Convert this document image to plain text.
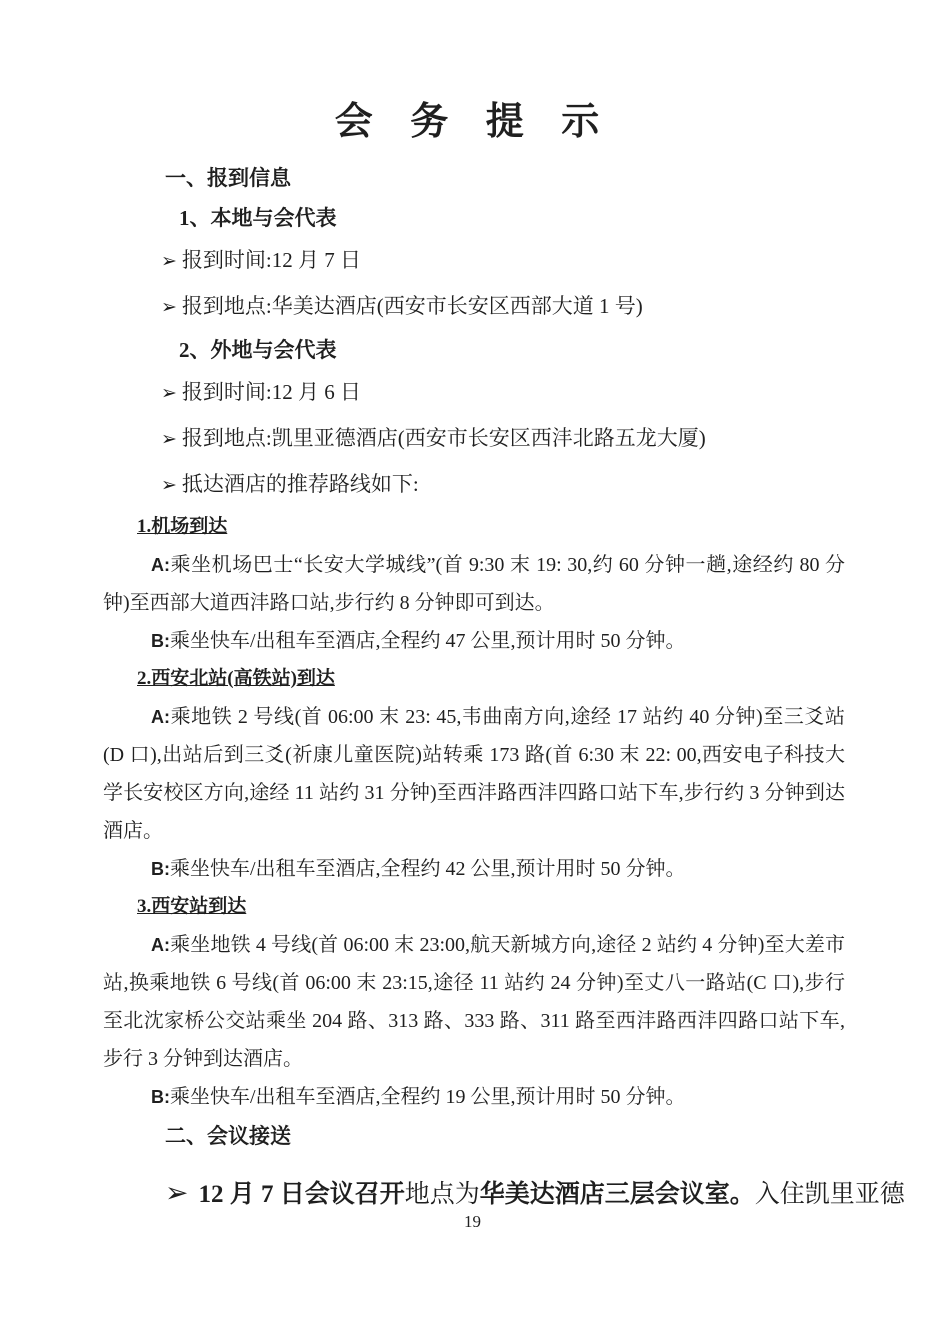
会 务 提 示
一、报到信息
1、本地与会代表
➢ 报到时间:12 月 7 日
➢ 报到地点:华美达酒店(西安市长安区西部大道 1 号)
2、外地与会代表
➢ 报到时间:12 月 6 日
➢ 报到地点:凯里亚德酒店(西安市长安区西沣北路五龙大厦)
➢ 抵达酒店的推荐路线如下:
1.机场到达

A:乘坐机场巴士“长安大学城线”(首 9:30 末 19: 30,约 60 分钟一趟,途经约 80 分钟)至西部大道西沣路口站,步行约 8 分钟即可到达。

B:乘坐快车/出租车至酒店,全程约 47 公里,预计用时 50 分钟。

2.西安北站(高铁站)到达

A:乘地铁 2 号线(首 06:00 末 23: 45,韦曲南方向,途经 17 站约 40 分钟)至三爻站(D 口),出站后到三爻(祈康儿童医院)站转乘 173 路(首 6:30 末 22: 00,西安电子科技大学长安校区方向,途经 11 站约 31 分钟)至西沣路西沣四路口站下车,步行约 3 分钟到达酒店。

B:乘坐快车/出租车至酒店,全程约 42 公里,预计用时 50 分钟。

3.西安站到达

A:乘坐地铁 4 号线(首 06:00 末 23:00,航天新城方向,途径 2 站约 4 分钟)至大差市站,换乘地铁 6 号线(首 06:00 末 23:15,途径 11 站约 24 分钟)至丈八一路站(C 口),步行至北沈家桥公交站乘坐 204 路、313 路、333 路、311 路至西沣路西沣四路口站下车,步行 3 分钟到达酒店。

B:乘坐快车/出租车至酒店,全程约 19 公里,预计用时 50 分钟。

二、会议接送
➢ 12 月 7 日会议召开地点为华美达酒店三层会议室。入住凯里亚德
19
